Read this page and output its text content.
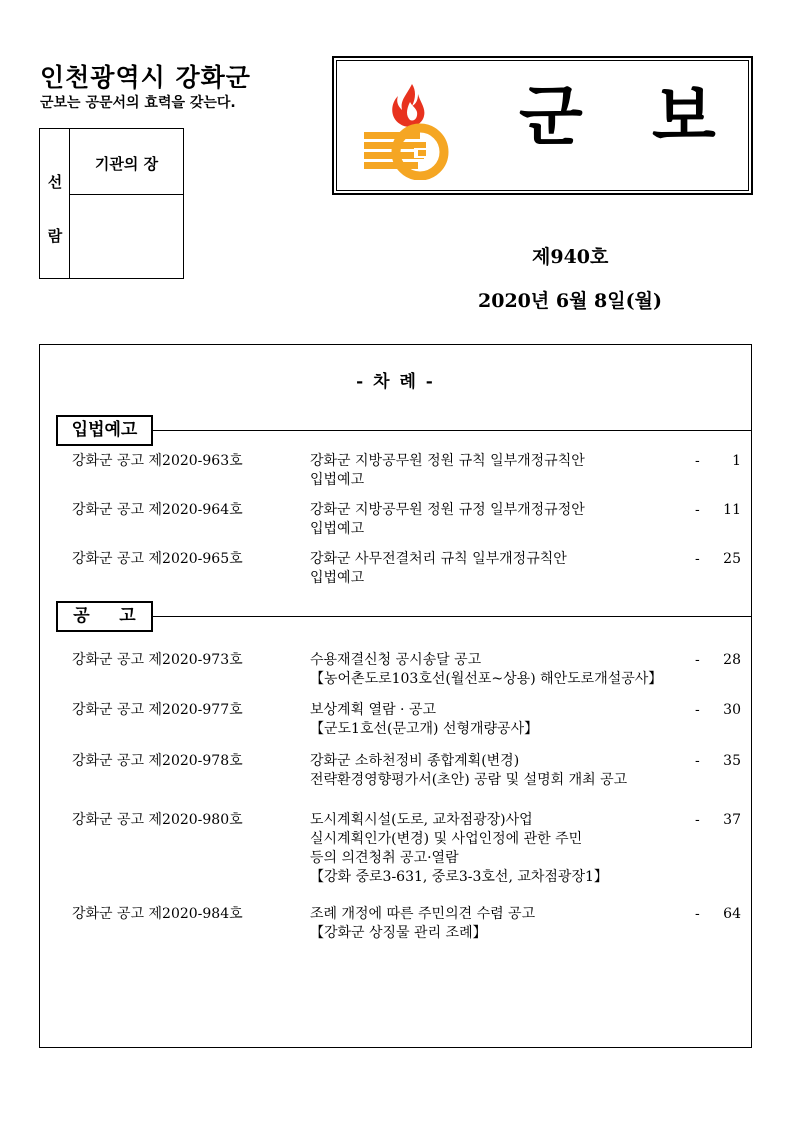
인천광역시 강화군
군보는 공문서의 효력을 갖는다.
선
람
기관의 장
군 보
제940호
2020년 6월 8일(월)
- 차 례 -
입법예고
강화군 공고 제2020-963호	강화군 지방공무원 정원 규칙 일부개정규칙안
입법예고
- 1
강화군 공고 제2020-964호	강화군 지방공무원 정원 규정 일부개정규정안
입법예고
- 11
강화군 공고 제2020-965호	강화군 사무전결처리 규칙 일부개정규칙안
입법예고
- 25
공     고
강화군 공고 제2020-973호	수용재결신청 공시송달 공고
【농어촌도로103호선(월선포~상용) 해안도로개설공사】
- 28
강화군 공고 제2020-977호	보상계획 열람 · 공고
【군도1호선(문고개) 선형개량공사】
- 30
강화군 공고 제2020-978호	강화군 소하천정비 종합계획(변경)
전략환경영향평가서(초안) 공람 및 설명회 개최 공고
- 35
강화군 공고 제2020-980호	도시계획시설(도로, 교차점광장)사업
실시계획인가(변경) 및 사업인정에 관한 주민
등의 의견청취 공고·열람
【강화 중로3-631, 중로3-3호선, 교차점광장1】
- 37
강화군 공고 제2020-984호	조례 개정에 따른 주민의견 수렴 공고
【강화군 상징물 관리 조례】
- 64
